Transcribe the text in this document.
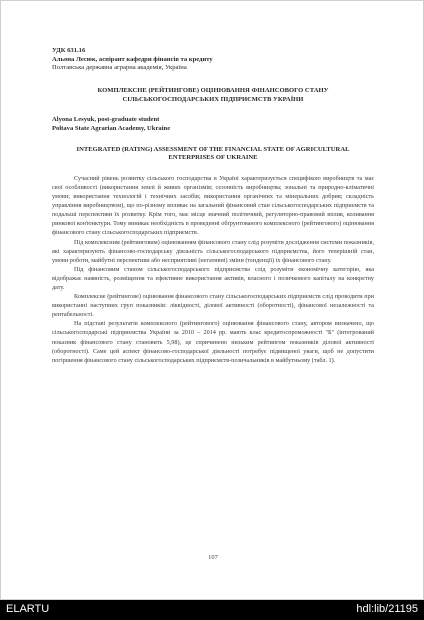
УДК 631.16
Альона Лесюк, аспірант кафедри фінансів та кредиту
Полтавська державна аграрна академія, Україна
КОМПЛЕКСНЕ (РЕЙТИНГОВЕ) ОЦІНЮВАННЯ ФІНАНСОВОГО СТАНУ СІЛЬСЬКОГОСПОДАРСЬКИХ ПІДПРИЄМСТВ УКРАЇНИ
Alyona Lesyuk, post-graduate student
Poltava State Agrarian Academy, Ukraine
INTEGRATED (RATING) ASSESSMENT OF THE FINANCIAL STATE OF AGRICULTURAL ENTERPRISES OF UKRAINE

Сучасний рівень розвитку сільського господарства в Україні характеризується специфікою виробництв та має свої особливості (використання землі й живих організмів; сезонність виробництва; зональні та природно-кліматичні умови; використання технологій і технічних засобів; використання органічних та мінеральних добрив; складність управління виробництвом), що по-різному впливає на загальний фінансовий стан сільськогосподарських підприємств та подальші перспективи їх розвитку. Крім того, має місце значний політичний, регуляторно-правовий вплив, коливання ринкової кон'юнктури. Тому виникає необхідність в проведенні обґрунтованого комплексного (рейтингового) оцінювання фінансового стану сільськогосподарських підприємств.

Під комплексним (рейтинговим) оцінюванням фінансового стану слід розуміти дослідження системи показників, які характеризують фінансово-господарську діяльність сільськогосподарського підприємства, його теперішній стан, умови роботи, майбутні перспективи або несприятливі (негативні) зміни (тенденції) їх фінансового стану.

Під фінансовим станом сільськогосподарського підприємства слід розуміти економічну категорію, яка відображає наявність, розміщення та ефективне використання активів, власного і позичкового капіталу на конкретну дату.

Комплексне (рейтингове) оцінювання фінансового стану сільськогосподарських підприємств слід проводити при використанні наступних груп показників: ліквідності, ділової активності (оборотності), фінансової незалежності та рентабельності.

На підставі результатів комплексного (рейтингового) оцінювання фінансового стану, автором визначено, що сільськогосподарські підприємства України за 2010 – 2014 рр. мають клас кредитоспроможності "Б" (інтегрований показник фінансового стану становить 5,98), це спричинено низьким рейтингом показників ділової активності (оборотності). Саме цей аспект фінансово-господарської діяльності потребує підвищеної уваги, щоб не допустити погіршення фінансового стану сільськогосподарських підприємств-позичальників в майбутньому (табл. 1).

107
ELARTU	hdl:lib/21195
